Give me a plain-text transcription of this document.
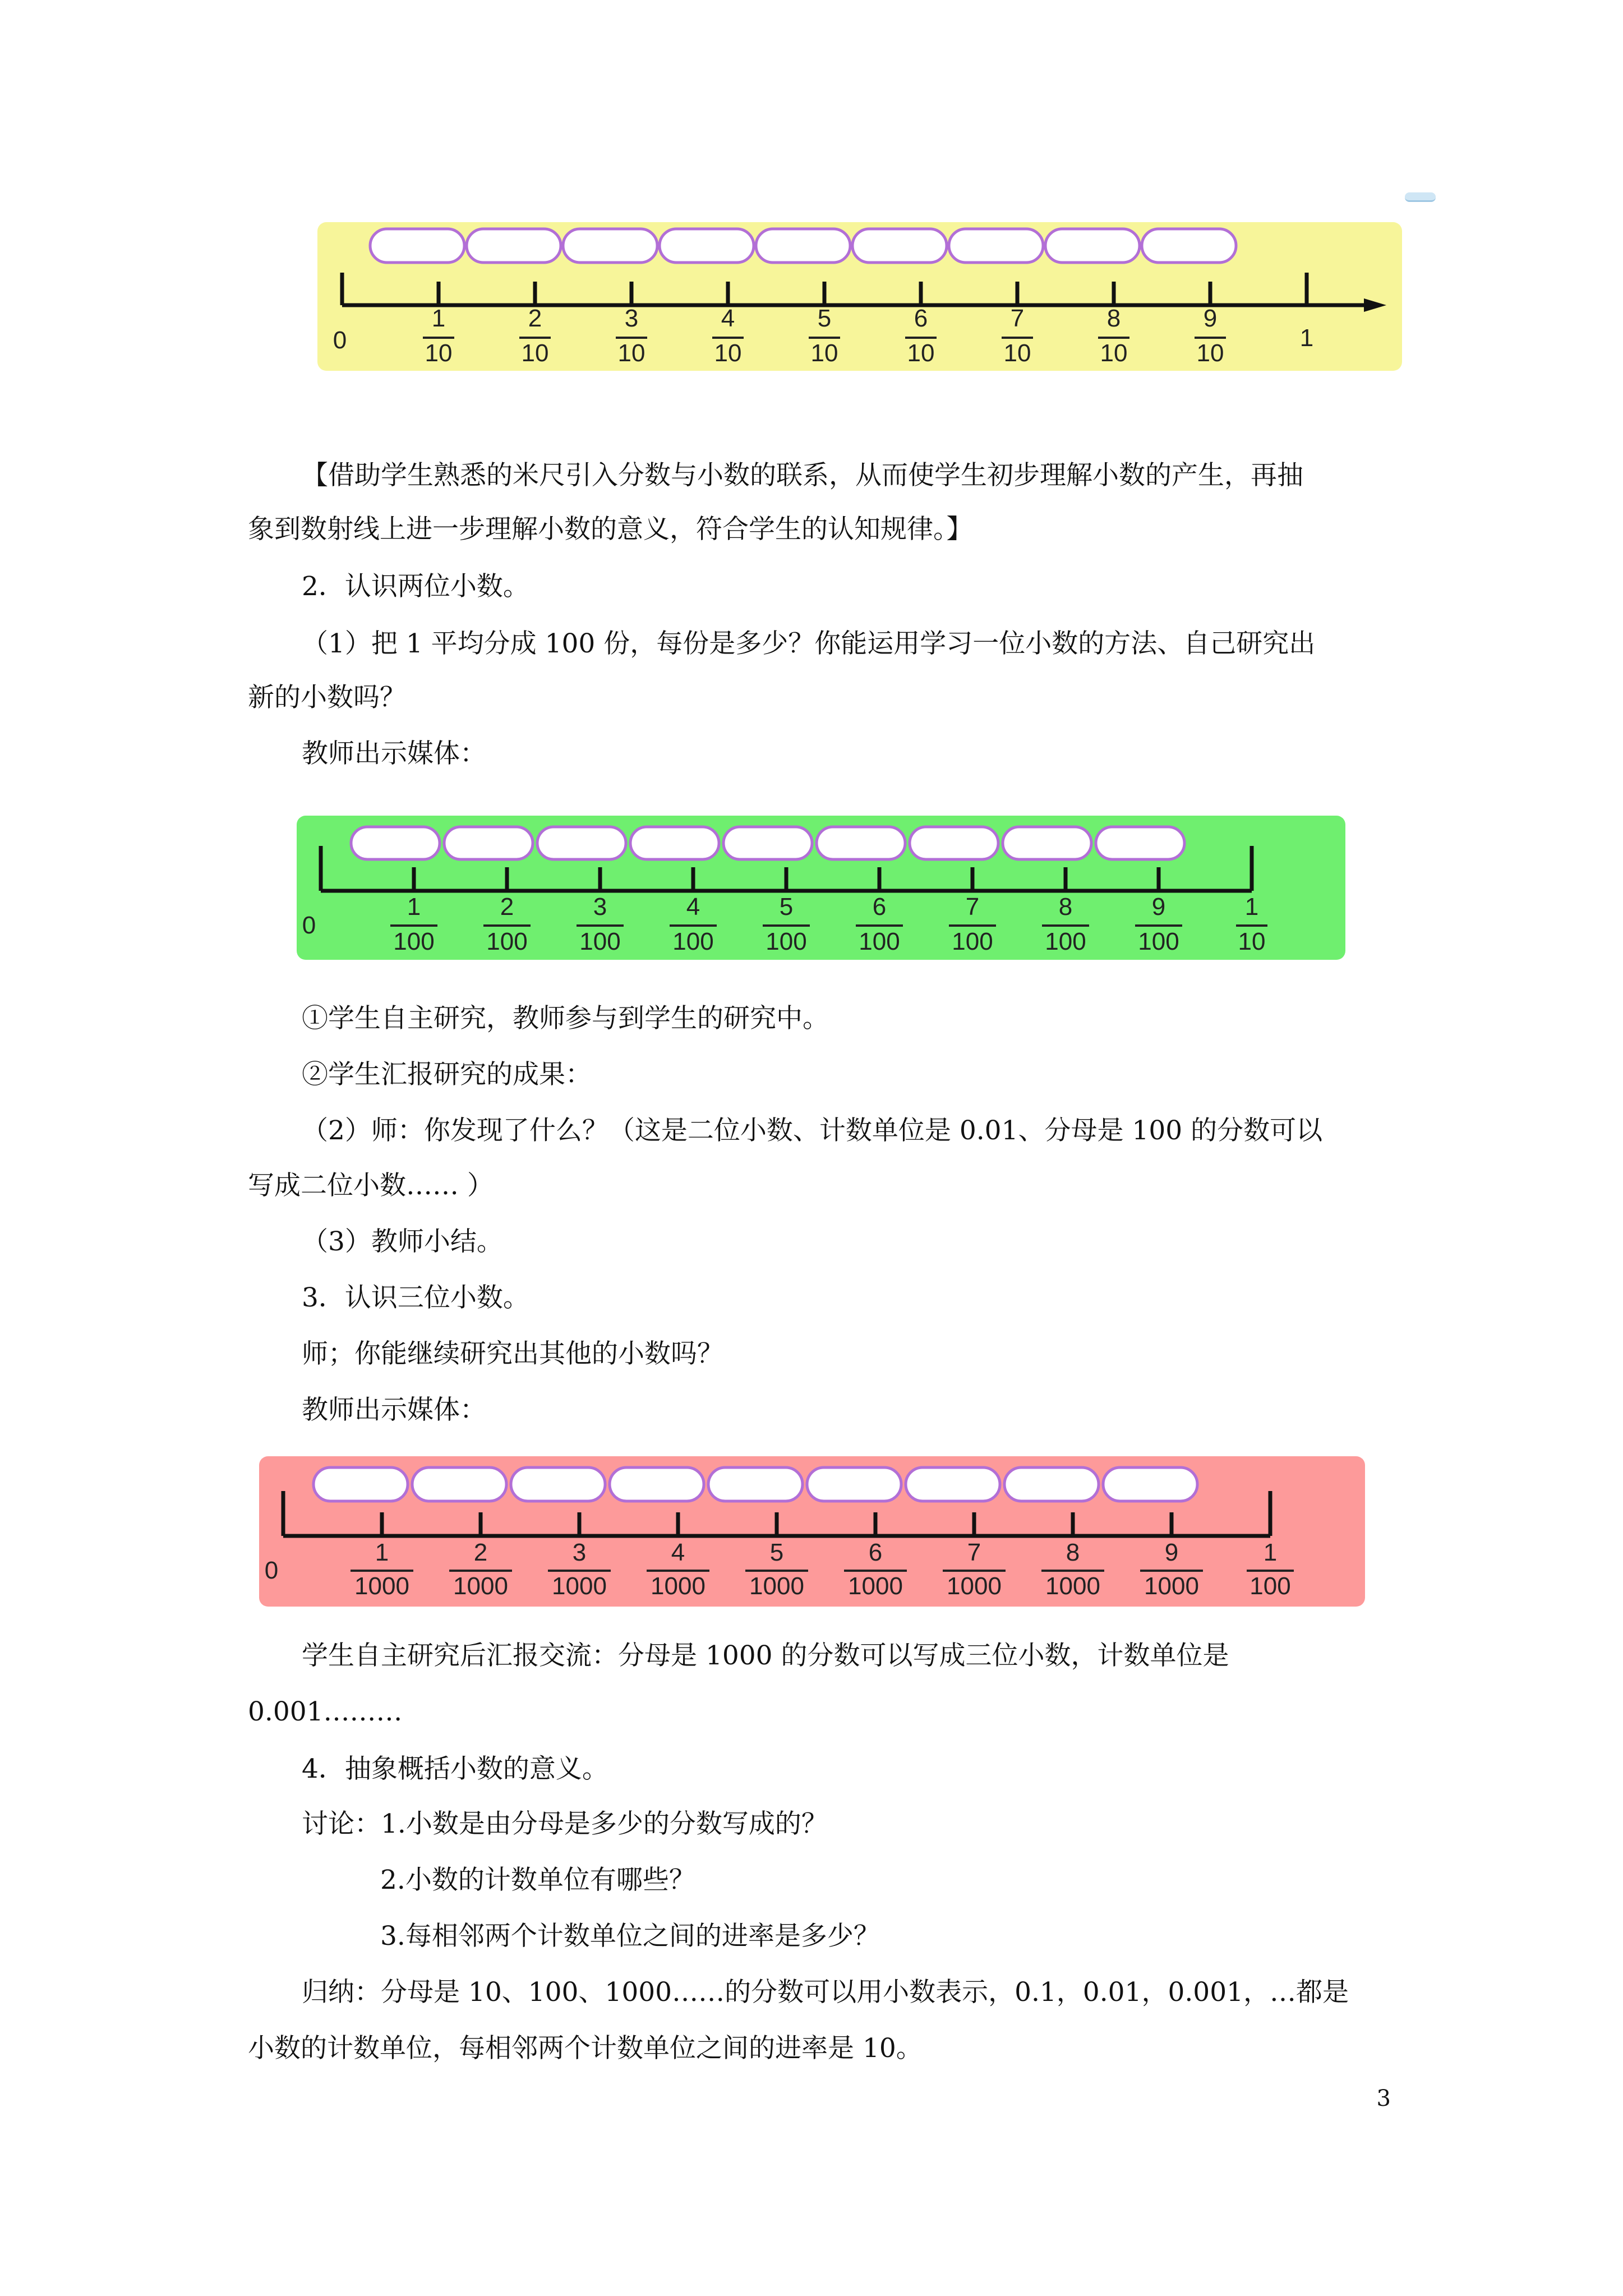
0
1
10
2
10
3
10
4
10
5
10
6
10
7
10
8
10
9
10
1
【借助学生熟悉的米尺引入分数与小数的联系，从而使学生初步理解小数的产生，再抽
象到数射线上进一步理解小数的意义，符合学生的认知规律。】
2．认识两位小数。
（1）把 1 平均分成 100 份，每份是多少？你能运用学习一位小数的方法、自己研究出
新的小数吗？
教师出示媒体：
0
1
100
2
100
3
100
4
100
5
100
6
100
7
100
8
100
9
100
1
10
①学生自主研究，教师参与到学生的研究中。
②学生汇报研究的成果：
（2）师：你发现了什么？（这是二位小数、计数单位是 0.01、分母是 100 的分数可以
写成二位小数…… ）
（3）教师小结。
3．认识三位小数。
师；你能继续研究出其他的小数吗？
教师出示媒体：
0
1
1000
2
1000
3
1000
4
1000
5
1000
6
1000
7
1000
8
1000
9
1000
1
100
学生自主研究后汇报交流：分母是 1000 的分数可以写成三位小数，计数单位是
0.001………
4．抽象概括小数的意义。
讨论：1.小数是由分母是多少的分数写成的？
2.小数的计数单位有哪些？
3.每相邻两个计数单位之间的进率是多少？
归纳：分母是 10、100、1000……的分数可以用小数表示，0.1，0.01，0.001，…都是
小数的计数单位，每相邻两个计数单位之间的进率是 10。
3
